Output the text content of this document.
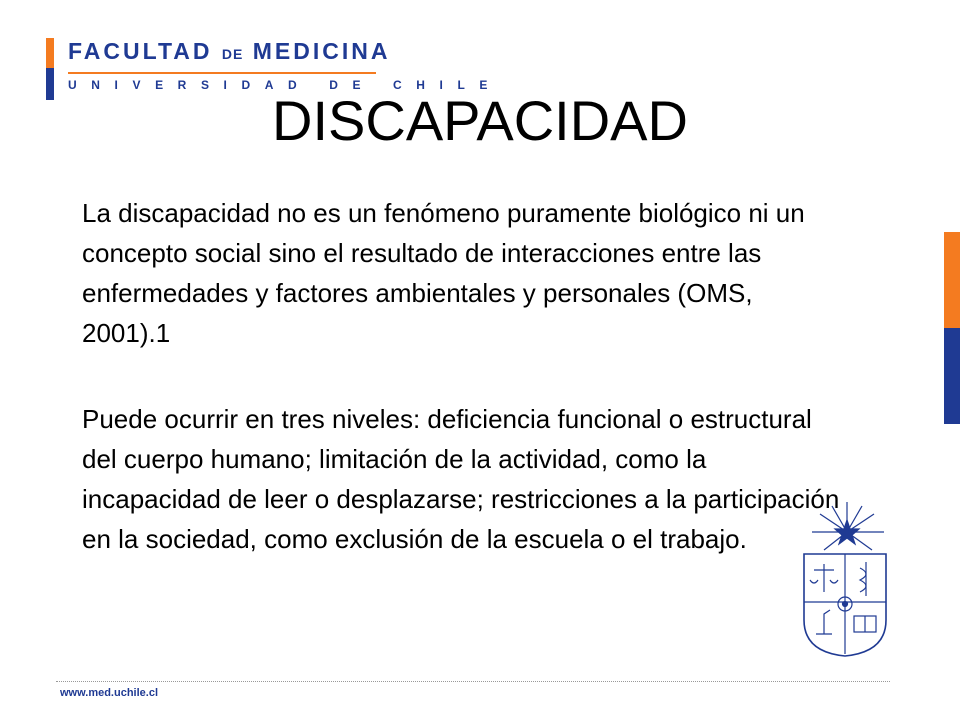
FACULTAD DE MEDICINA
UNIVERSIDAD DE CHILE
DISCAPACIDAD

La discapacidad no es un fenómeno puramente biológico ni un concepto social sino el resultado de interacciones entre las enfermedades y factores ambientales y personales (OMS, 2001).1

Puede ocurrir en tres niveles: deficiencia funcional o estructural del cuerpo humano; limitación de la actividad, como la incapacidad de leer o desplazarse; restricciones a la participación en la sociedad, como exclusión de la escuela o el trabajo.

www.med.uchile.cl
